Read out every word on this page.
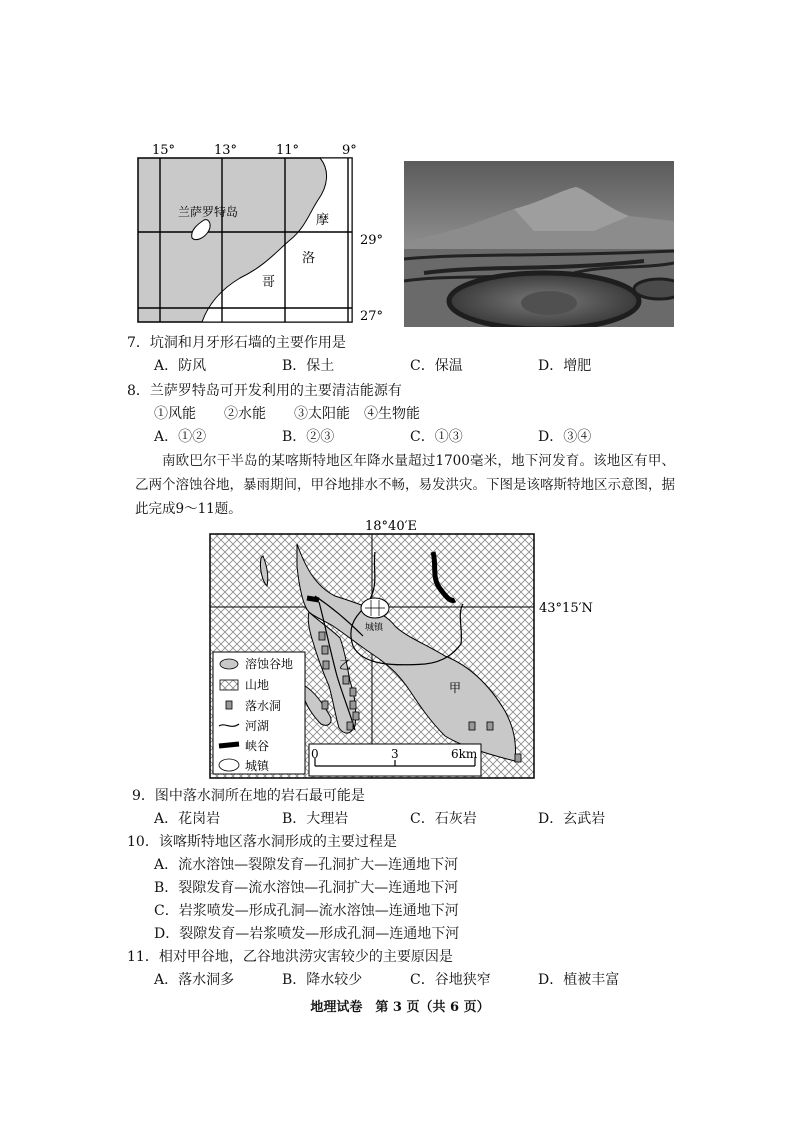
15°	13°	11°	9°
29°
27°
兰萨罗特岛
摩
洛
哥
7．坑洞和月牙形石墙的主要作用是
A．防风	B．保土	C．保温	D．增肥
8．兰萨罗特岛可开发利用的主要清洁能源有
①风能　　②水能　　③太阳能　④生物能
A．①②	B．②③	C．①③	D．③④
南欧巴尔干半岛的某喀斯特地区年降水量超过1700毫米，地下河发育。该地区有甲、乙两个溶蚀谷地，暴雨期间，甲谷地排水不畅，易发洪灾。下图是该喀斯特地区示意图，据此完成9～11题。
18°40′E
43°15′N
城镇
甲
乙
溶蚀谷地
山地
落水洞
河湖
峡谷
城镇
0	3	6km
9．图中落水洞所在地的岩石最可能是
A．花岗岩	B．大理岩	C．石灰岩	D．玄武岩
10．该喀斯特地区落水洞形成的主要过程是
A．流水溶蚀—裂隙发育—孔洞扩大—连通地下河
B．裂隙发育—流水溶蚀—孔洞扩大—连通地下河
C．岩浆喷发—形成孔洞—流水溶蚀—连通地下河
D．裂隙发育—岩浆喷发—形成孔洞—连通地下河
11．相对甲谷地，乙谷地洪涝灾害较少的主要原因是
A．落水洞多	B．降水较少	C．谷地狭窄	D．植被丰富
地理试卷　第 3 页（共 6 页）
